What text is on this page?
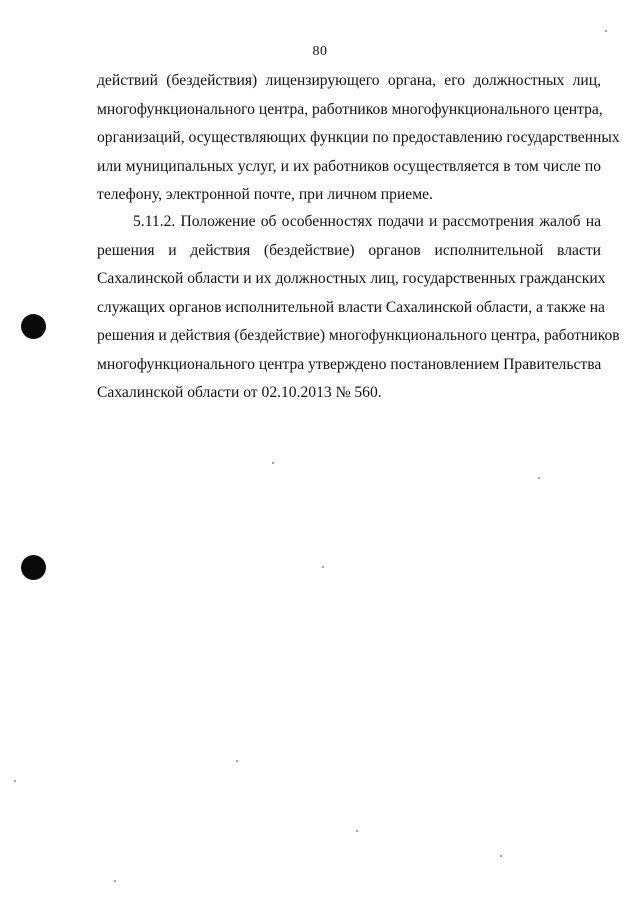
80
действий (бездействия) лицензирующего органа, его должностных лиц,
многофункционального центра, работников многофункционального центра,
организаций, осуществляющих функции по предоставлению государственных
или муниципальных услуг, и их работников осуществляется в том числе по
телефону, электронной почте, при личном приеме.
5.11.2. Положение об особенностях подачи и рассмотрения жалоб на
решения и действия (бездействие) органов исполнительной власти
Сахалинской области и их должностных лиц, государственных гражданских
служащих органов исполнительной власти Сахалинской области, а также на
решения и действия (бездействие) многофункционального центра, работников
многофункционального центра утверждено постановлением Правительства
Сахалинской области от 02.10.2013 № 560.
